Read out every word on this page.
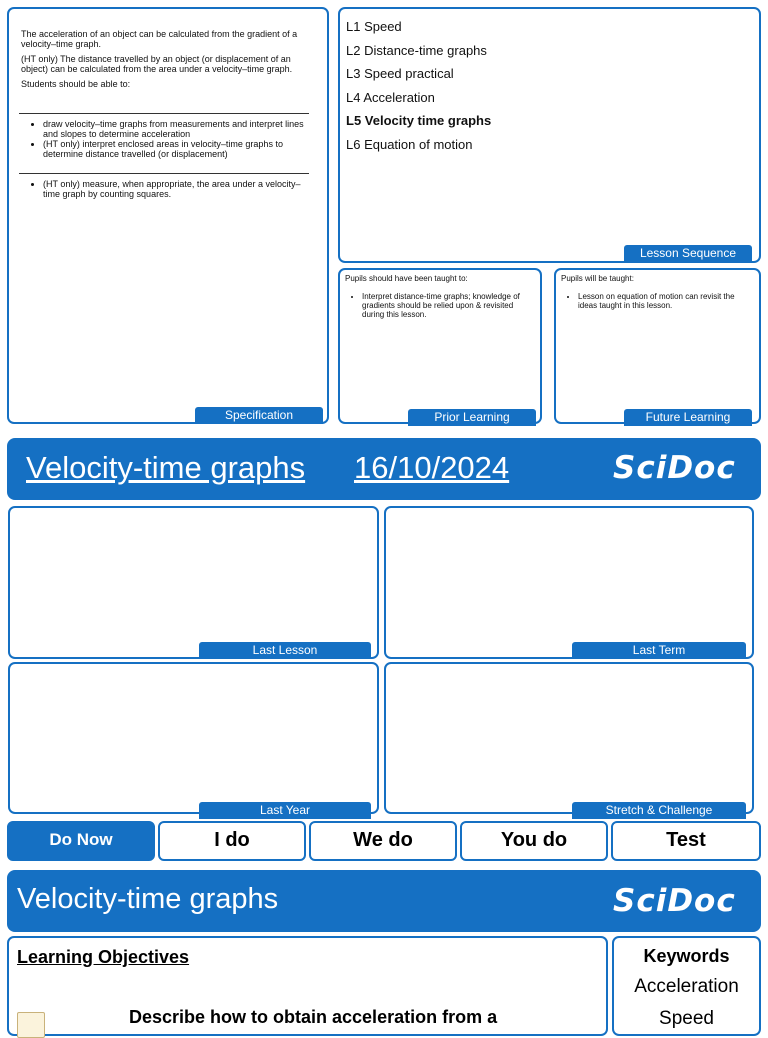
The acceleration of an object can be calculated from the gradient of a velocity–time graph.

(HT only) The distance travelled by an object (or displacement of an object) can be calculated from the area under a velocity–time graph.

Students should be able to:

• draw velocity–time graphs from measurements and interpret lines and slopes to determine acceleration
• (HT only) interpret enclosed areas in velocity–time graphs to determine distance travelled (or displacement)
• (HT only) measure, when appropriate, the area under a velocity–time graph by counting squares.
Specification
L1 Speed
L2 Distance-time graphs
L3 Speed practical
L4 Acceleration
L5 Velocity time graphs
L6 Equation of motion
Lesson Sequence
Pupils should have been taught to:
• Interpret distance-time graphs; knowledge of gradients should be relied upon & revisited during this lesson.
Prior Learning
Pupils will be taught:
• Lesson on equation of motion can revisit the ideas taught in this lesson.
Future Learning
Velocity-time graphs 16/10/2024	SciDoc
Last Lesson	Last Term
Last Year	Stretch & Challenge
Do Now	I do	We do	You do	Test
Velocity-time graphs	SciDoc
Learning Objectives
Describe how to obtain acceleration from a
Keywords
Acceleration
Speed
